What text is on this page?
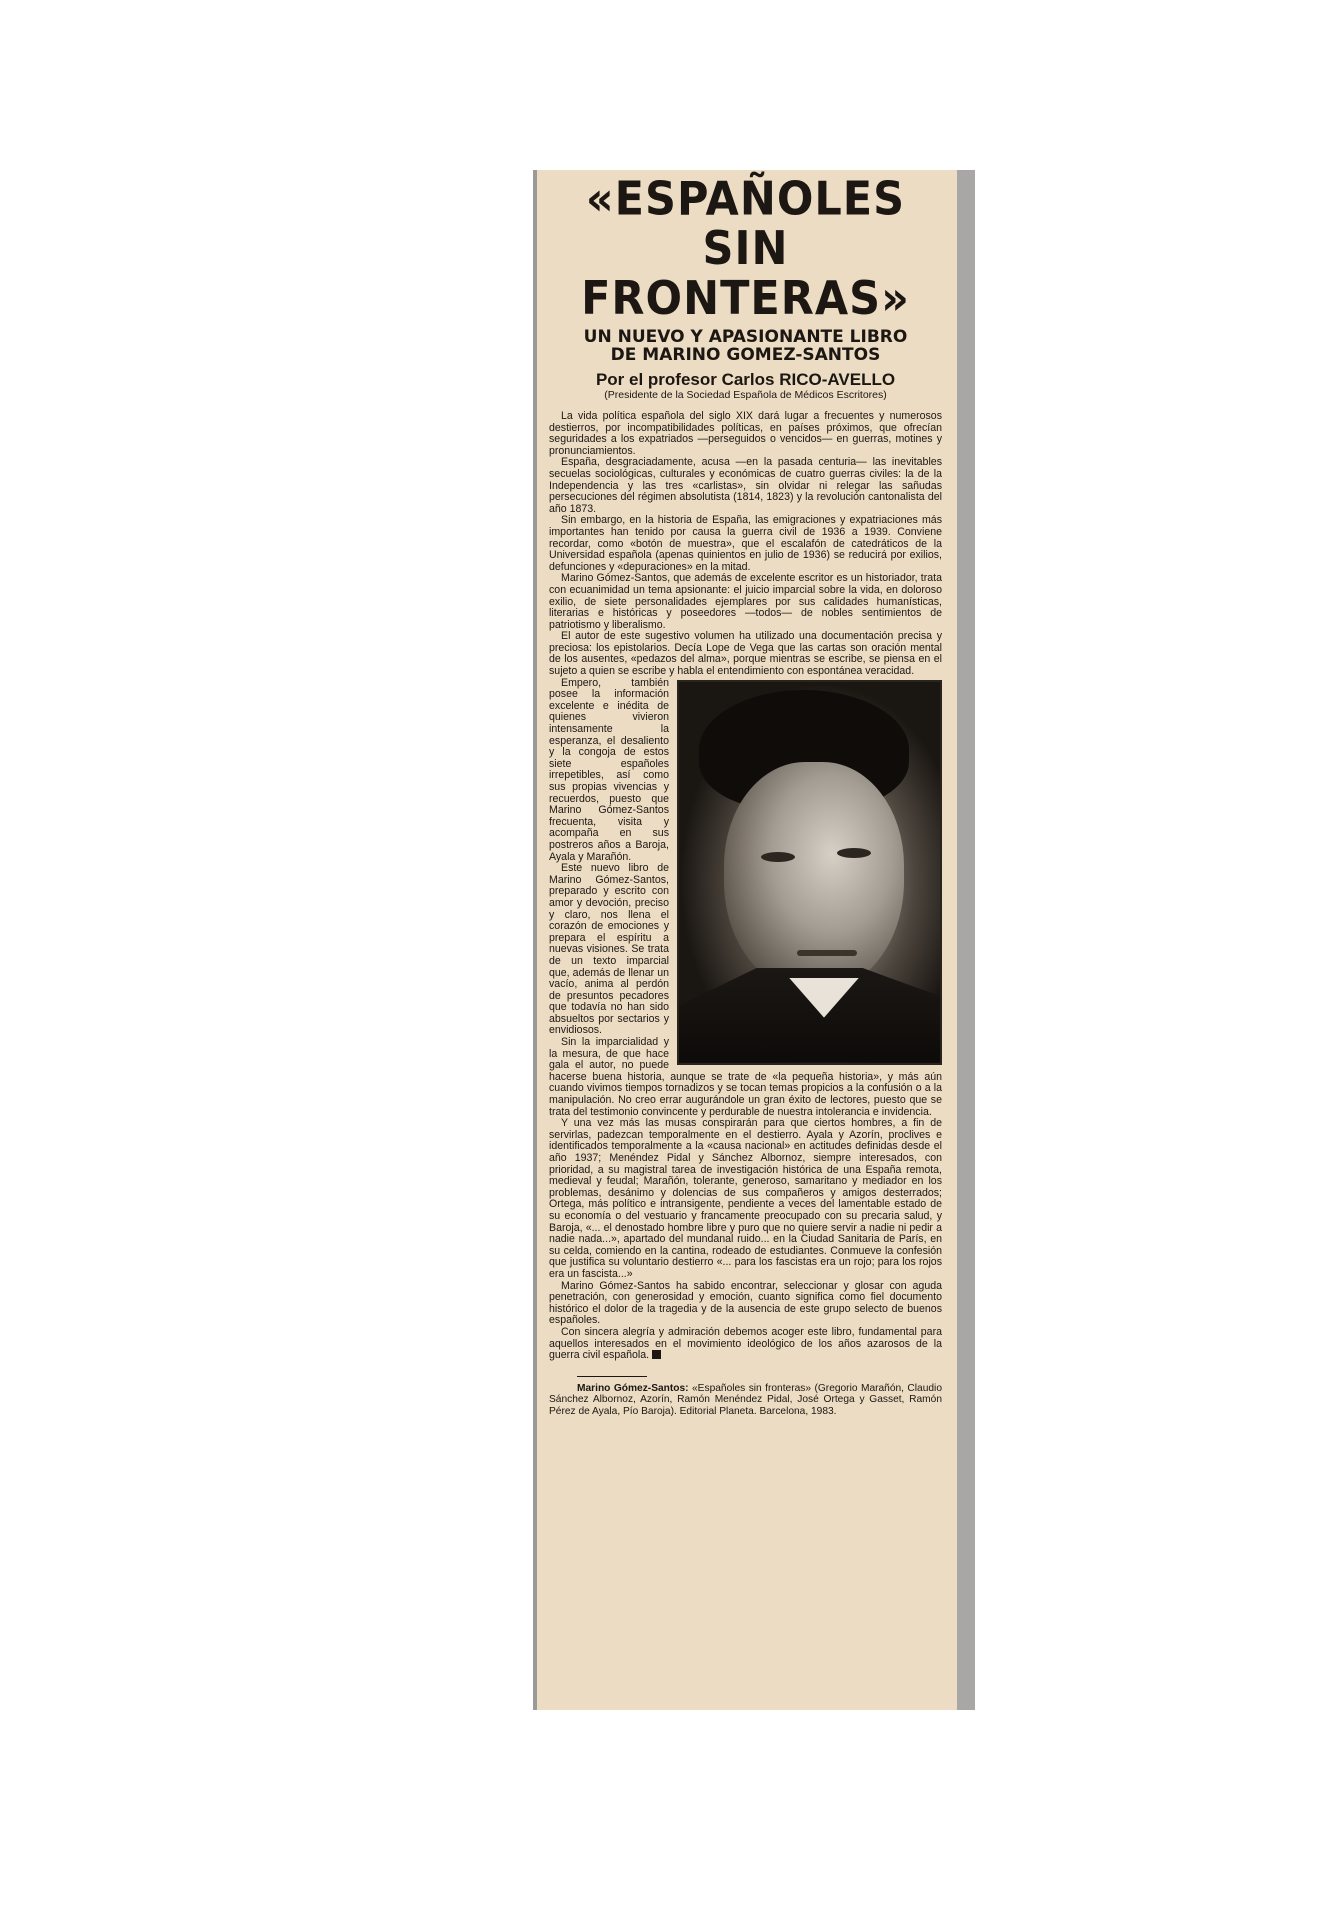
«ESPAÑOLES
SIN FRONTERAS»
UN NUEVO Y APASIONANTE LIBRO
DE MARINO GOMEZ-SANTOS
Por el profesor Carlos RICO-AVELLO
(Presidente de la Sociedad Española de Médicos Escritores)

La vida política española del siglo XIX dará lugar a frecuentes y numerosos destierros, por incompatibilidades políticas, en países próximos, que ofrecían seguridades a los expatriados —perseguidos o vencidos— en guerras, motines y pronunciamientos.

España, desgraciadamente, acusa —en la pasada centuria— las inevitables secuelas sociológicas, culturales y económicas de cuatro guerras civiles: la de la Independencia y las tres «carlistas», sin olvidar ni relegar las sañudas persecuciones del régimen absolutista (1814, 1823) y la revolución cantonalista del año 1873.

Sin embargo, en la historia de España, las emigraciones y expatriaciones más importantes han tenido por causa la guerra civil de 1936 a 1939. Conviene recordar, como «botón de muestra», que el escalafón de catedráticos de la Universidad española (apenas quinientos en julio de 1936) se reducirá por exilios, defunciones y «depuraciones» en la mitad.

Marino Gómez-Santos, que además de excelente escritor es un historiador, trata con ecuanimidad un tema apsionante: el juicio imparcial sobre la vida, en doloroso exilio, de siete personalidades ejemplares por sus calidades humanísticas, literarias e históricas y poseedores —todos— de nobles sentimientos de patriotismo y liberalismo.

El autor de este sugestivo volumen ha utilizado una documentación precisa y preciosa: los epistolarios. Decía Lope de Vega que las cartas son oración mental de los ausentes, «pedazos del alma», porque mientras se escribe, se piensa en el sujeto a quien se escribe y habla el entendimiento con espontánea veracidad.

Empero, también posee la información excelente e inédita de quienes vivieron intensamente la esperanza, el desaliento y la congoja de estos siete españoles irrepetibles, así como sus propias vivencias y recuerdos, puesto que Marino Gómez-Santos frecuenta, visita y acompaña en sus postreros años a Baroja, Ayala y Marañón.

Este nuevo libro de Marino Gómez-Santos, preparado y escrito con amor y devoción, preciso y claro, nos llena el corazón de emociones y prepara el espíritu a nuevas visiones. Se trata de un texto imparcial que, además de llenar un vacío, anima al perdón de presuntos pecadores que todavía no han sido absueltos por sectarios y envidiosos.

Sin la imparcialidad y la mesura, de que hace gala el autor, no puede hacerse buena historia, aunque se trate de «la pequeña historia», y más aún cuando vivimos tiempos tornadizos y se tocan temas propicios a la confusión o a la manipulación. No creo errar augurándole un gran éxito de lectores, puesto que se trata del testimonio convincente y perdurable de nuestra intolerancia e invidencia.

Y una vez más las musas conspirarán para que ciertos hombres, a fin de servirlas, padezcan temporalmente en el destierro. Ayala y Azorín, proclives e identificados temporalmente a la «causa nacional» en actitudes definidas desde el año 1937; Menéndez Pidal y Sánchez Albornoz, siempre interesados, con prioridad, a su magistral tarea de investigación histórica de una España remota, medieval y feudal; Marañón, tolerante, generoso, samaritano y mediador en los problemas, desánimo y dolencias de sus compañeros y amigos desterrados; Ortega, más político e intransigente, pendiente a veces del lamentable estado de su economía o del vestuario y francamente preocupado con su precaria salud, y Baroja, «... el denostado hombre libre y puro que no quiere servir a nadie ni pedir a nadie nada...», apartado del mundanal ruido... en la Ciudad Sanitaria de París, en su celda, comiendo en la cantina, rodeado de estudiantes. Conmueve la confesión que justifica su voluntario destierro «... para los fascistas era un rojo; para los rojos era un fascista...»

Marino Gómez-Santos ha sabido encontrar, seleccionar y glosar con aguda penetración, con generosidad y emoción, cuanto significa como fiel documento histórico el dolor de la tragedia y de la ausencia de este grupo selecto de buenos españoles.

Con sincera alegría y admiración debemos acoger este libro, fundamental para aquellos interesados en el movimiento ideológico de los años azarosos de la guerra civil española.

Marino Gómez-Santos: «Españoles sin fronteras» (Gregorio Marañón, Claudio Sánchez Albornoz, Azorín, Ramón Menéndez Pidal, José Ortega y Gasset, Ramón Pérez de Ayala, Pío Baroja). Editorial Planeta. Barcelona, 1983.
